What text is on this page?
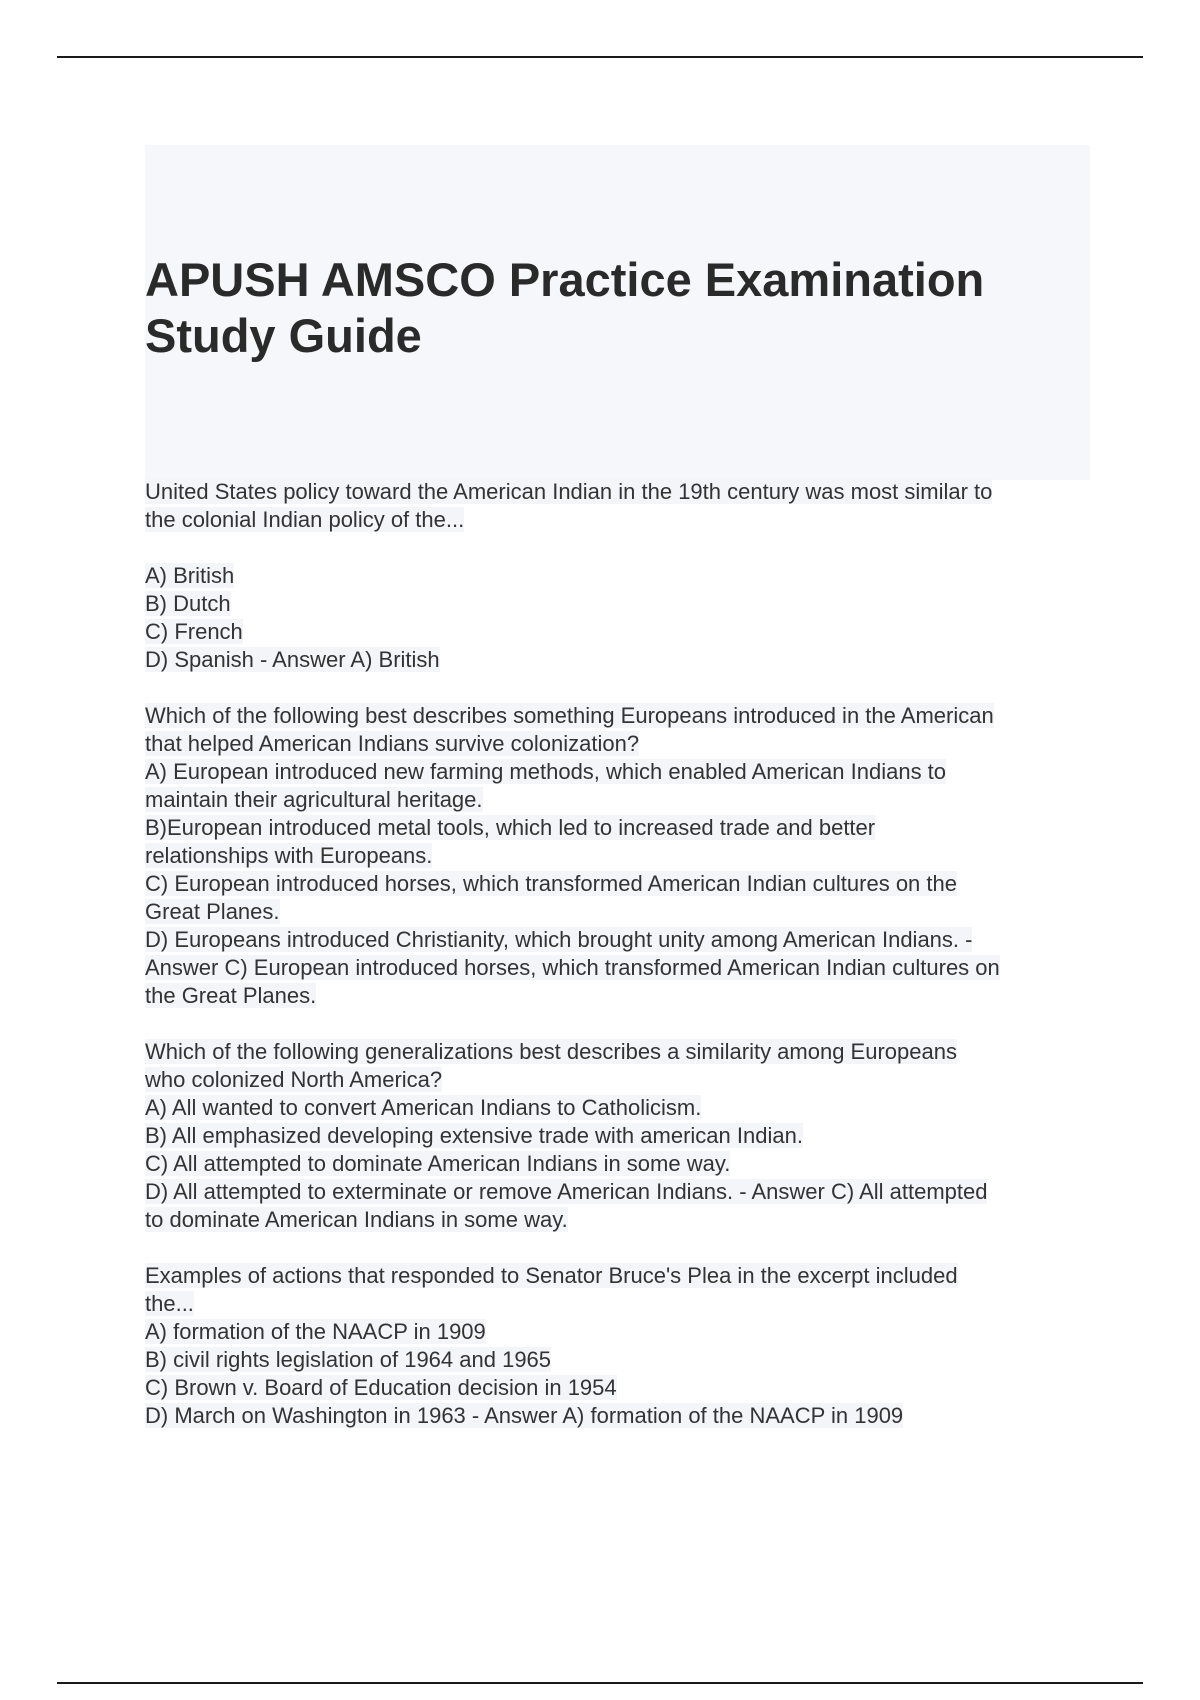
APUSH AMSCO Practice Examination
Study Guide
United States policy toward the American Indian in the 19th century was most similar to
the colonial Indian policy of the...
A) British
B) Dutch
C) French
D) Spanish - Answer A) British
Which of the following best describes something Europeans introduced in the American
that helped American Indians survive colonization?
A) European introduced new farming methods, which enabled American Indians to
maintain their agricultural heritage.
B)European introduced metal tools, which led to increased trade and better
relationships with Europeans.
C) European introduced horses, which transformed American Indian cultures on the
Great Planes.
D) Europeans introduced Christianity, which brought unity among American Indians. -
Answer C) European introduced horses, which transformed American Indian cultures on
the Great Planes.
Which of the following generalizations best describes a similarity among Europeans
who colonized North America?
A) All wanted to convert American Indians to Catholicism.
B) All emphasized developing extensive trade with american Indian.
C) All attempted to dominate American Indians in some way.
D) All attempted to exterminate or remove American Indians. - Answer C) All attempted
to dominate American Indians in some way.
Examples of actions that responded to Senator Bruce's Plea in the excerpt included
the...
A) formation of the NAACP in 1909
B) civil rights legislation of 1964 and 1965
C) Brown v. Board of Education decision in 1954
D) March on Washington in 1963 - Answer A) formation of the NAACP in 1909
